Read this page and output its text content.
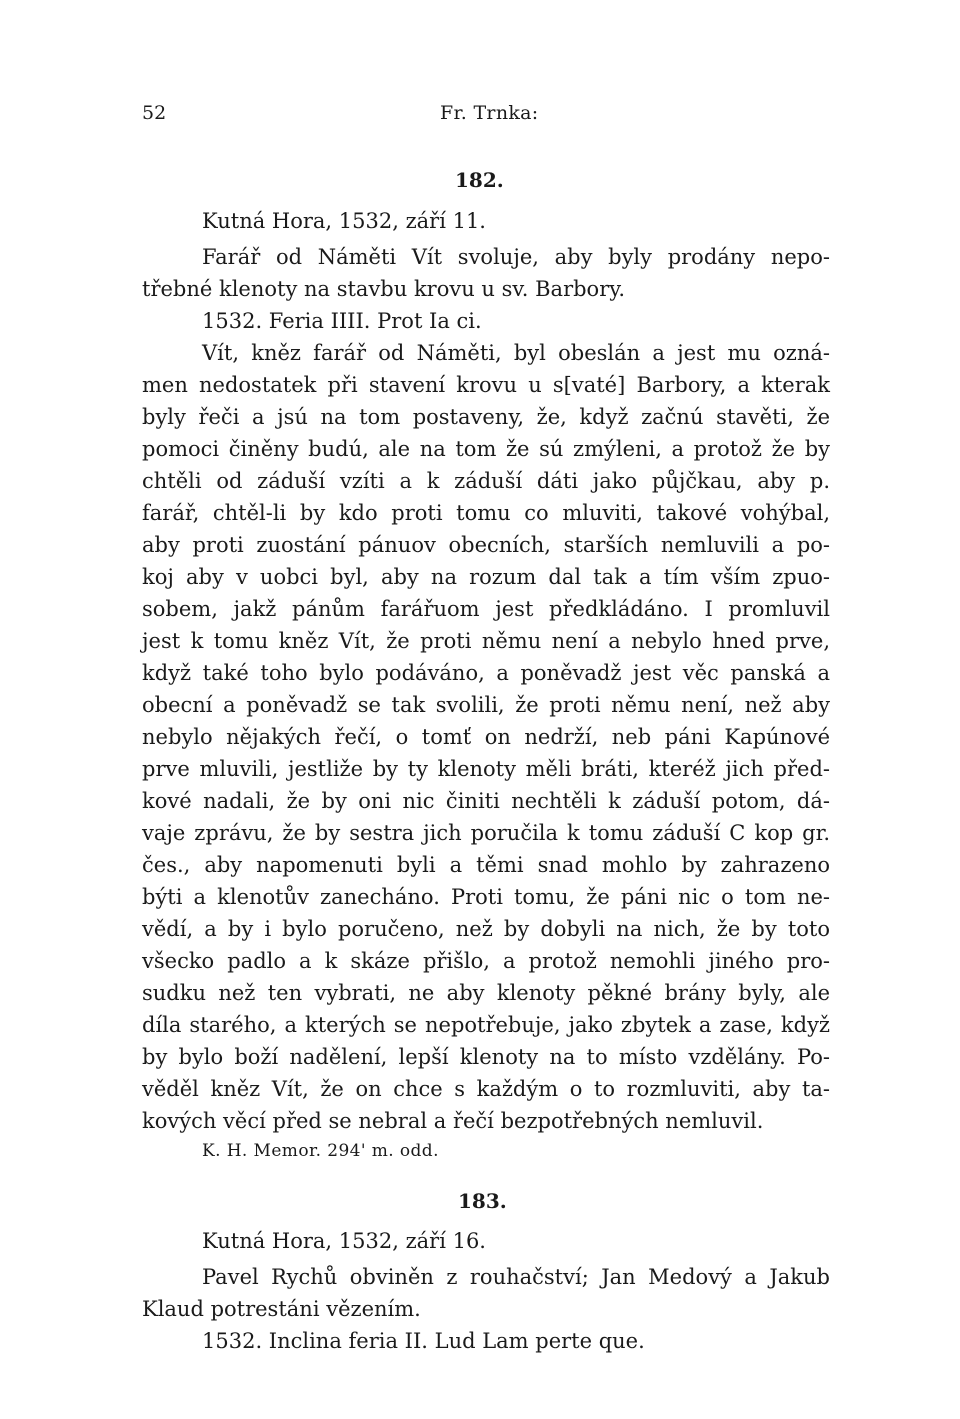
52	Fr. Trnka:
182.
Kutná Hora, 1532, září 11.
Farář od Náměti Vít svoluje, aby byly prodány nepo-
třebné klenoty na stavbu krovu u sv. Barbory.
1532. Feria IIII. Prot Ia ci.
Vít, kněz farář od Náměti, byl obeslán a jest mu ozná-
men nedostatek při stavení krovu u s[vaté] Barbory, a kterak
byly řeči a jsú na tom postaveny, že, když začnú stavěti, že
pomoci činěny budú, ale na tom že sú zmýleni, a protož že by
chtěli od záduší vzíti a k záduší dáti jako půjčkau, aby p.
farář, chtěl-li by kdo proti tomu co mluviti, takové vohýbal,
aby proti zuostání pánuov obecních, starších nemluvili a po-
koj aby v uobci byl, aby na rozum dal tak a tím vším zpuo-
sobem, jakž pánům farářuom jest předkládáno. I promluvil
jest k tomu kněz Vít, že proti němu není a nebylo hned prve,
když také toho bylo podáváno, a poněvadž jest věc panská a
obecní a poněvadž se tak svolili, že proti němu není, než aby
nebylo nějakých řečí, o tomť on nedrží, neb páni Kapúnové
prve mluvili, jestliže by ty klenoty měli bráti, kteréž jich před-
kové nadali, že by oni nic činiti nechtěli k záduší potom, dá-
vaje zprávu, že by sestra jich poručila k tomu záduší C kop gr.
čes., aby napomenuti byli a těmi snad mohlo by zahrazeno
býti a klenotův zanecháno. Proti tomu, že páni nic o tom ne-
vědí, a by i bylo poručeno, než by dobyli na nich, že by toto
všecko padlo a k skáze přišlo, a protož nemohli jiného pro-
sudku než ten vybrati, ne aby klenoty pěkné brány byly, ale
díla starého, a kterých se nepotřebuje, jako zbytek a zase, když
by bylo boží nadělení, lepší klenoty na to místo vzdělány. Po-
věděl kněz Vít, že on chce s každým o to rozmluviti, aby ta-
kových věcí před se nebral a řečí bezpotřebných nemluvil.
K. H. Memor. 294' m. odd.
183.
Kutná Hora, 1532, září 16.
Pavel Rychů obviněn z rouhačství; Jan Medový a Jakub
Klaud potrestáni vězením.
1532. Inclina feria II. Lud Lam perte que.
